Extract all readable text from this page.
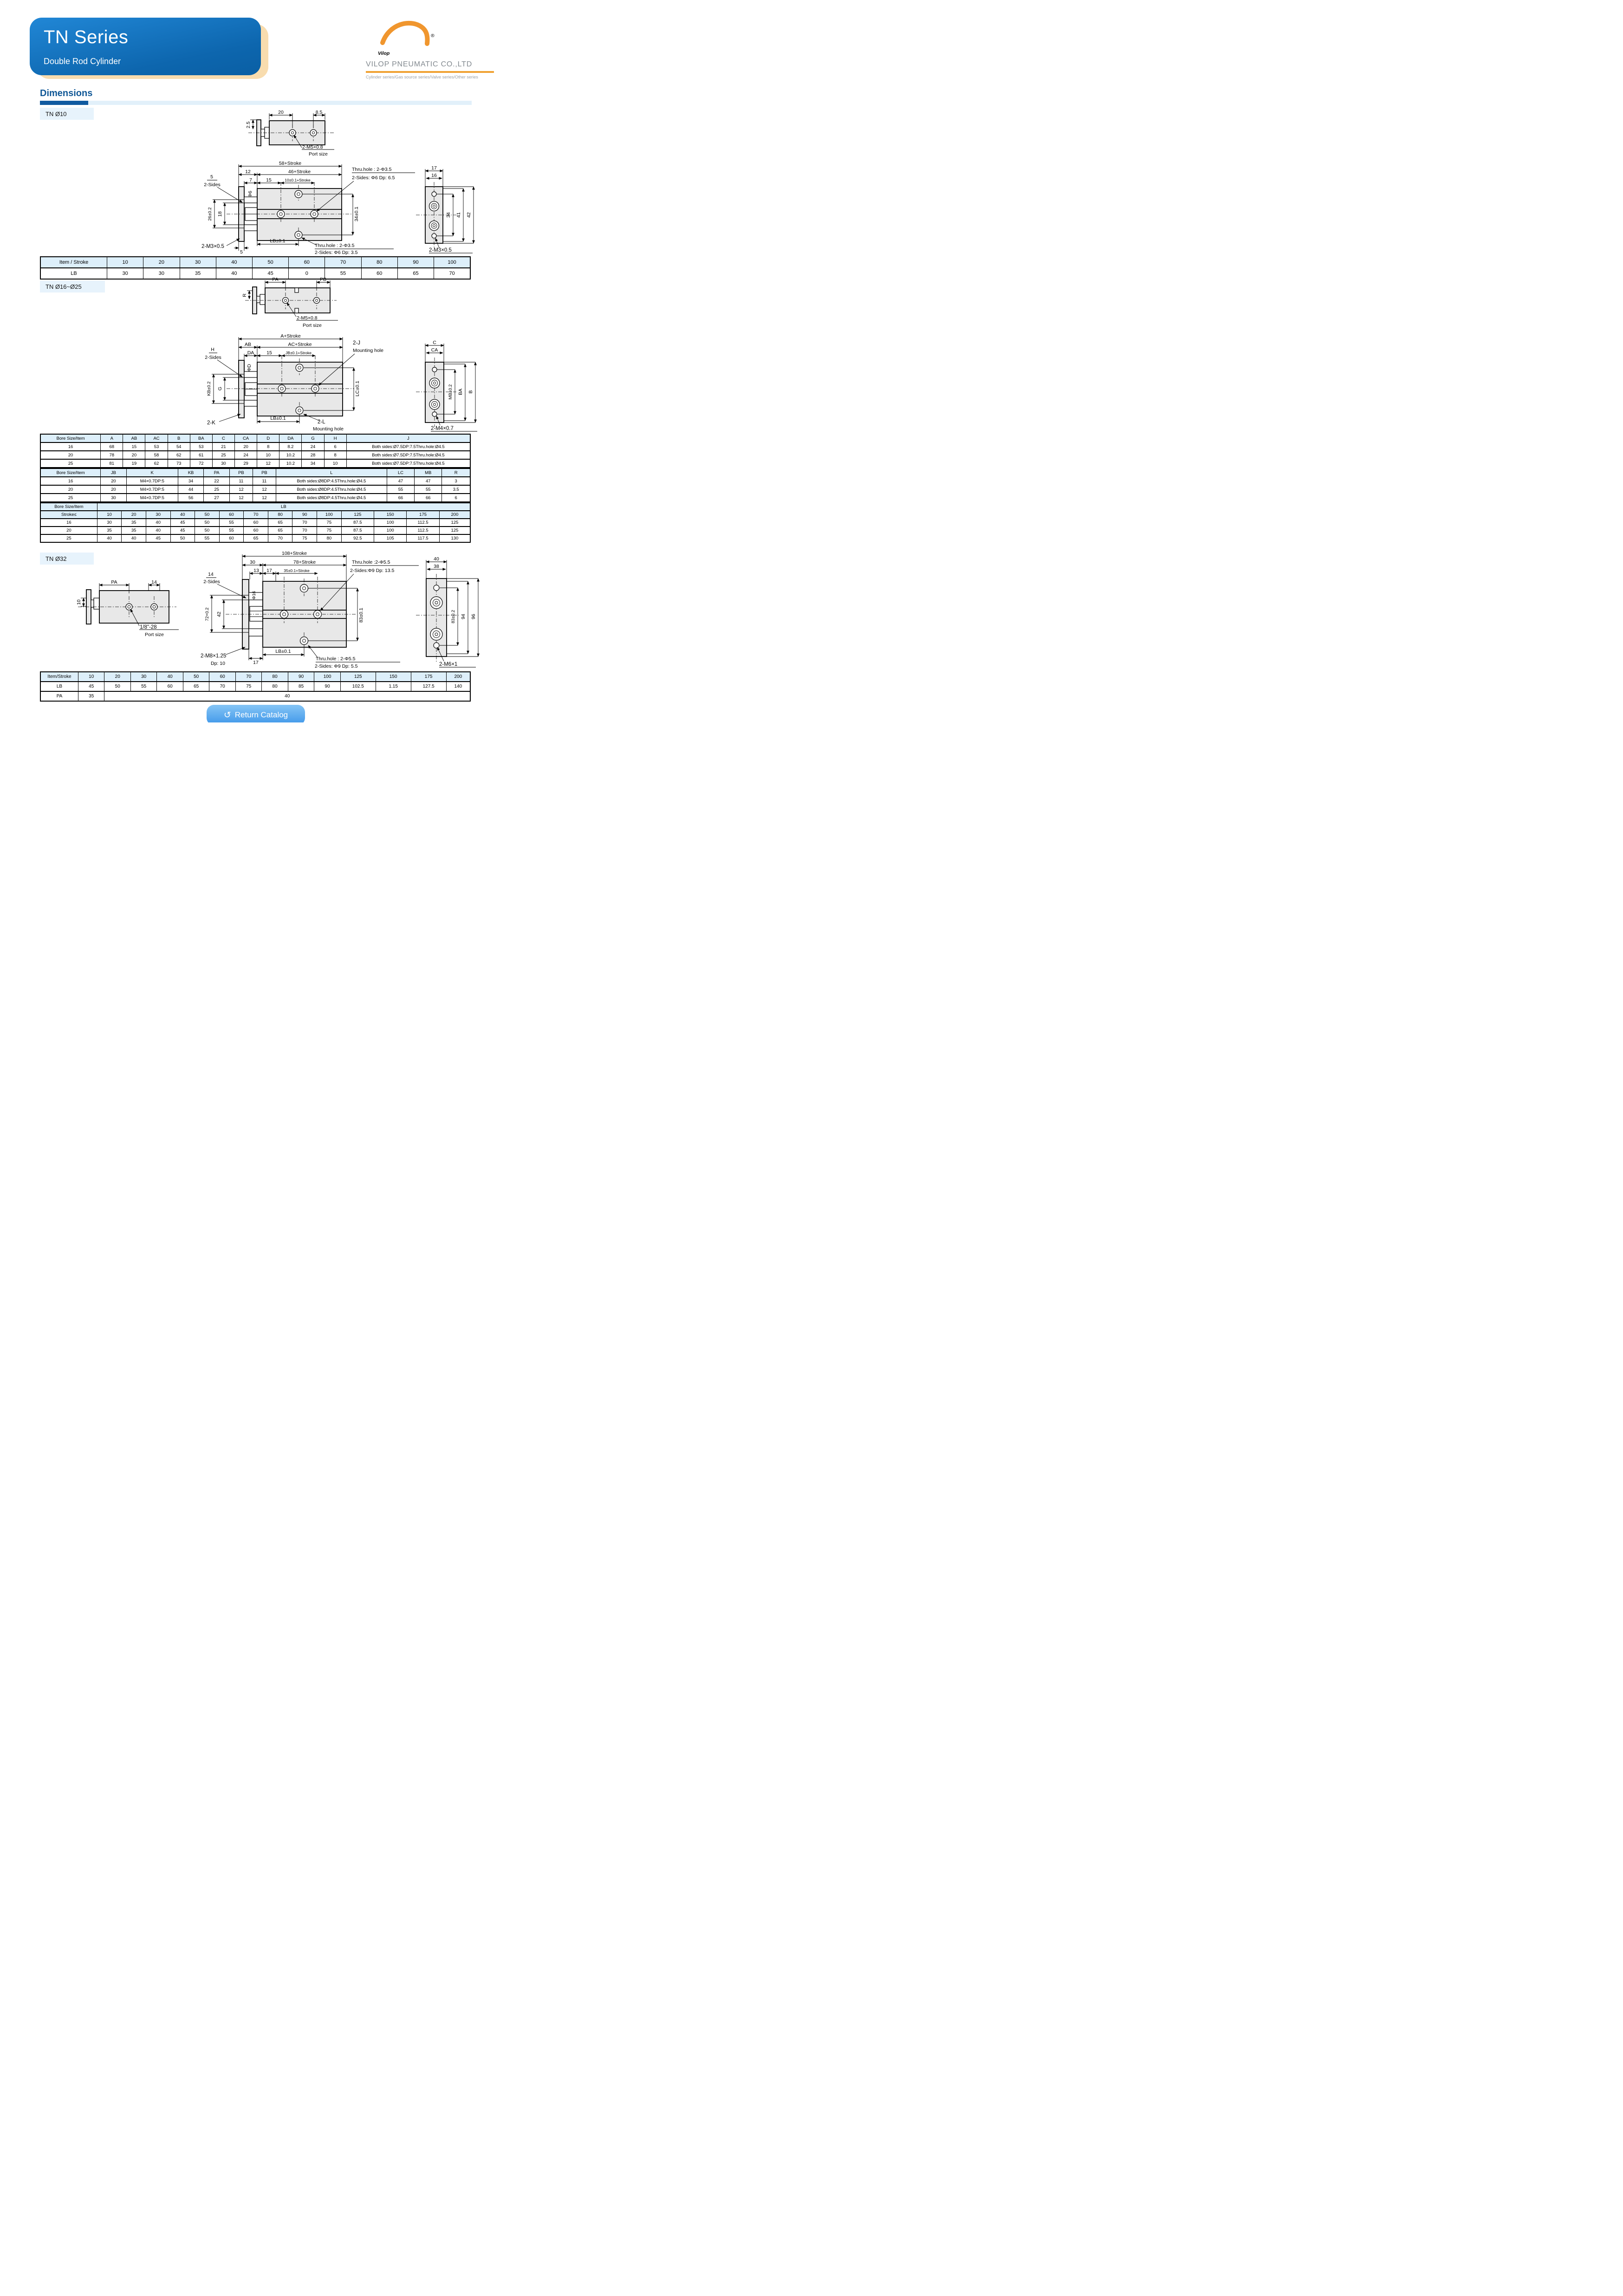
TN Series
Double Rod Cylinder
Vilop
®
VILOP PNEUMATIC CO.,LTD
Cylinder series/Gas source series/Valve series/Other series
Dimensions
TN Ø10
TN Ø16~Ø25
TN Ø32
20	8.5
2.5
2-M5×0.8
Port size
58+Stroke
12	46+Stroke
7	15	10±0.1+Stroke
5
2-Sides
Φ6
26±0.2 18	34±0.1
Thru.hole : 2-Φ3.5
2-Sides: Φ6 Dp: 6.5
2-M3×0.5
5
LB±0.1
Thru.hole : 2-Φ3.5
2-Sides: Φ6 Dp: 3.5
17
16
34 41 42
2-M3×0.5
Item / Stroke	10	20	30	40	50	60	70	80	90	100
LB	30	30	35	40	45	0	55	60	65	70
PA	PB
R
2-M5×0.8
Port size
A+Stroke
AB	AC+Stroke
DA	15	JB±0.1+Stroke
H
2-Sides
ΦD
2-J
Mounting hole
KB±0.2 G	LC±0.1
2-K
LB±0.1
2-L
Mounting hole
C
CA
MB±0.2 BA B
2-M4×0.7
Bore Size/Item	A	AB	AC	B	BA	C	CA	D	DA	G	H	J
16	68	15	53	54	53	21	20	8	8.2	24	6	Both sides:Ø7.5DP:7.5Thru.hole:Ø4.5
20	78	20	58	62	61	25	24	10	10.2	28	8	Both sides:Ø7.5DP:7.5Thru.hole:Ø4.5
25	81	19	62	73	72	30	29	12	10.2	34	10	Both sides:Ø7.5DP:7.5Thru.hole:Ø4.5
Bore Size/Item	JB	K	KB	PA	PB	PB	L	LC	MB	R
16	20	M4×0.7DP:5	34	22	11	11	Both sides:Ø8DP:4.5Thru.hole:Ø4.5	47	47	3
20	20	M4×0.7DP:5	44	25	12	12	Both sides:Ø8DP:4.5Thru.hole:Ø4.5	55	55	3.5
25	30	M4×0.7DP:5	56	27	12	12	Both sides:Ø8DP:4.5Thru.hole:Ø4.5	66	66	6
Bore Size/Item	LB													
Stroke≤	10	20	30	40	50	60	70	80	90	100	125	150	175	200
16	30	35	40	45	50	55	60	65	70	75	87.5	100	112.5	125
20	35	35	40	45	50	55	60	65	70	75	87.5	100	112.5	125
25	40	40	45	50	55	60	65	70	75	80	92.5	105	117.5	130
PA	14
10
1/8"-28
Port size
108+Stroke
30	78+Stroke
13 17	35±0.1+Stroke
14
2-Sides
Φ16
72+0.2 42
Thru.hole :2-Φ5.5
2-Sides:Φ9 Dp: 13.5
83±0.1
2-M8×1.25
Dp: 10	17
LB±0.1
Thru.hole : 2-Φ5.5
2-Sides: Φ9 Dp: 5.5
40
38
83±0.2 94 96
2-M6×1
Item/Stroke	10	20	30	40	50	60	70	80	90	100	125	150	175	200
LB	45	50	55	60	65	70	75	80	85	90	102.5	1.15	127.5	140
PA	35	40												
↺ Return Catalog
